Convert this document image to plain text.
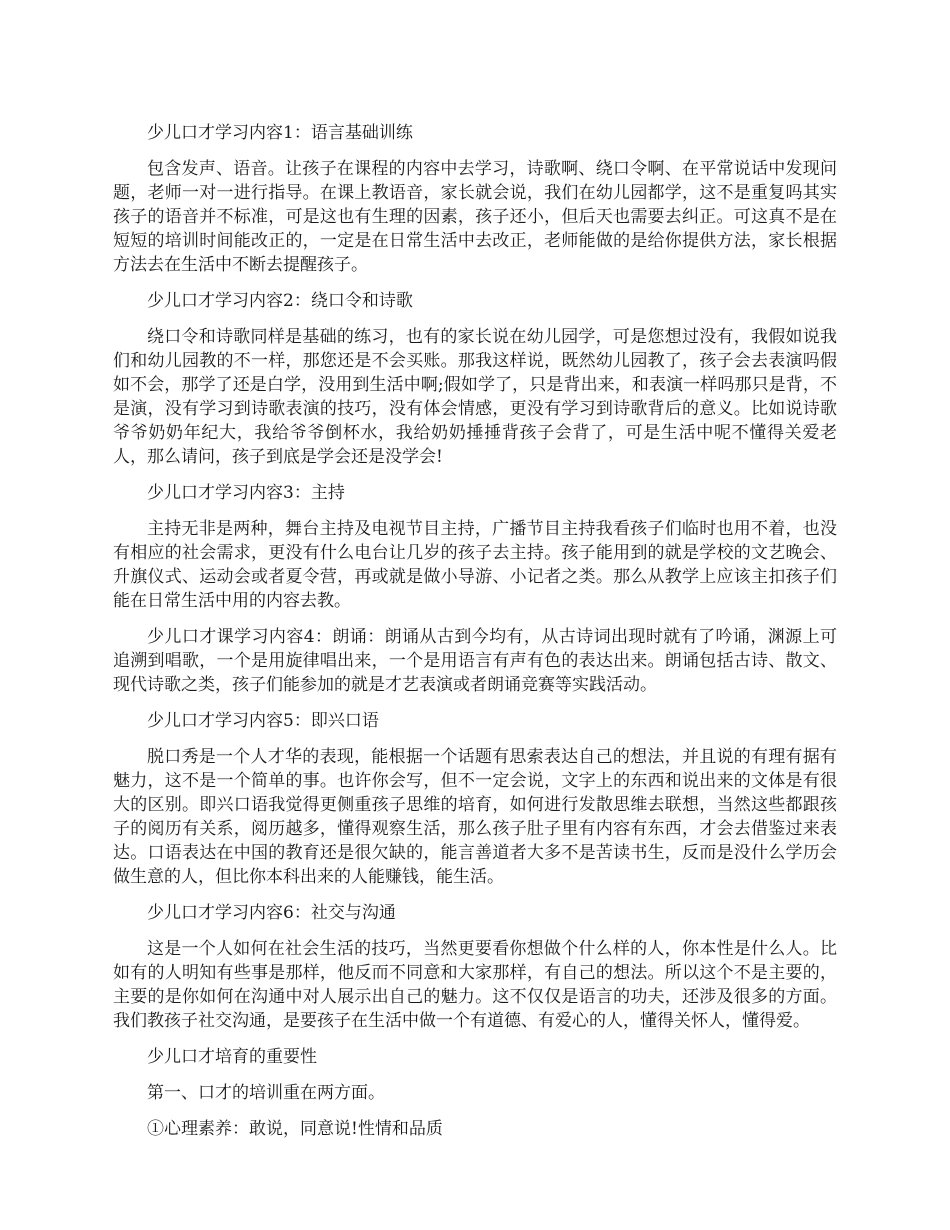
少儿口才学习内容1：语言基础训练

包含发声、语音。让孩子在课程的内容中去学习，诗歌啊、绕口令啊、在平常说话中发现问题，老师一对一进行指导。在课上教语音，家长就会说，我们在幼儿园都学，这不是重复吗其实孩子的语音并不标准，可是这也有生理的因素，孩子还小，但后天也需要去纠正。可这真不是在短短的培训时间能改正的，一定是在日常生活中去改正，老师能做的是给你提供方法，家长根据方法去在生活中不断去提醒孩子。

少儿口才学习内容2：绕口令和诗歌

绕口令和诗歌同样是基础的练习，也有的家长说在幼儿园学，可是您想过没有，我假如说我们和幼儿园教的不一样，那您还是不会买账。那我这样说，既然幼儿园教了，孩子会去表演吗假如不会，那学了还是白学，没用到生活中啊;假如学了，只是背出来，和表演一样吗那只是背，不是演，没有学习到诗歌表演的技巧，没有体会情感，更没有学习到诗歌背后的意义。比如说诗歌爷爷奶奶年纪大，我给爷爷倒杯水，我给奶奶捶捶背孩子会背了，可是生活中呢不懂得关爱老人，那么请问，孩子到底是学会还是没学会!

少儿口才学习内容3：主持

主持无非是两种，舞台主持及电视节目主持，广播节目主持我看孩子们临时也用不着，也没有相应的社会需求，更没有什么电台让几岁的孩子去主持。孩子能用到的就是学校的文艺晚会、升旗仪式、运动会或者夏令营，再或就是做小导游、小记者之类。那么从教学上应该主扣孩子们能在日常生活中用的内容去教。

少儿口才课学习内容4：朗诵：朗诵从古到今均有，从古诗词出现时就有了吟诵，渊源上可追溯到唱歌，一个是用旋律唱出来，一个是用语言有声有色的表达出来。朗诵包括古诗、散文、现代诗歌之类，孩子们能参加的就是才艺表演或者朗诵竞赛等实践活动。

少儿口才学习内容5：即兴口语

脱口秀是一个人才华的表现，能根据一个话题有思索表达自己的想法，并且说的有理有据有魅力，这不是一个简单的事。也许你会写，但不一定会说，文字上的东西和说出来的文体是有很大的区别。即兴口语我觉得更侧重孩子思维的培育，如何进行发散思维去联想，当然这些都跟孩子的阅历有关系，阅历越多，懂得观察生活，那么孩子肚子里有内容有东西，才会去借鉴过来表达。口语表达在中国的教育还是很欠缺的，能言善道者大多不是苦读书生，反而是没什么学历会做生意的人，但比你本科出来的人能赚钱，能生活。

少儿口才学习内容6：社交与沟通

这是一个人如何在社会生活的技巧，当然更要看你想做个什么样的人，你本性是什么人。比如有的人明知有些事是那样，他反而不同意和大家那样，有自己的想法。所以这个不是主要的，主要的是你如何在沟通中对人展示出自己的魅力。这不仅仅是语言的功夫，还涉及很多的方面。我们教孩子社交沟通，是要孩子在生活中做一个有道德、有爱心的人，懂得关怀人，懂得爱。

少儿口才培育的重要性

第一、口才的培训重在两方面。

①心理素养：敢说，同意说!性情和品质
